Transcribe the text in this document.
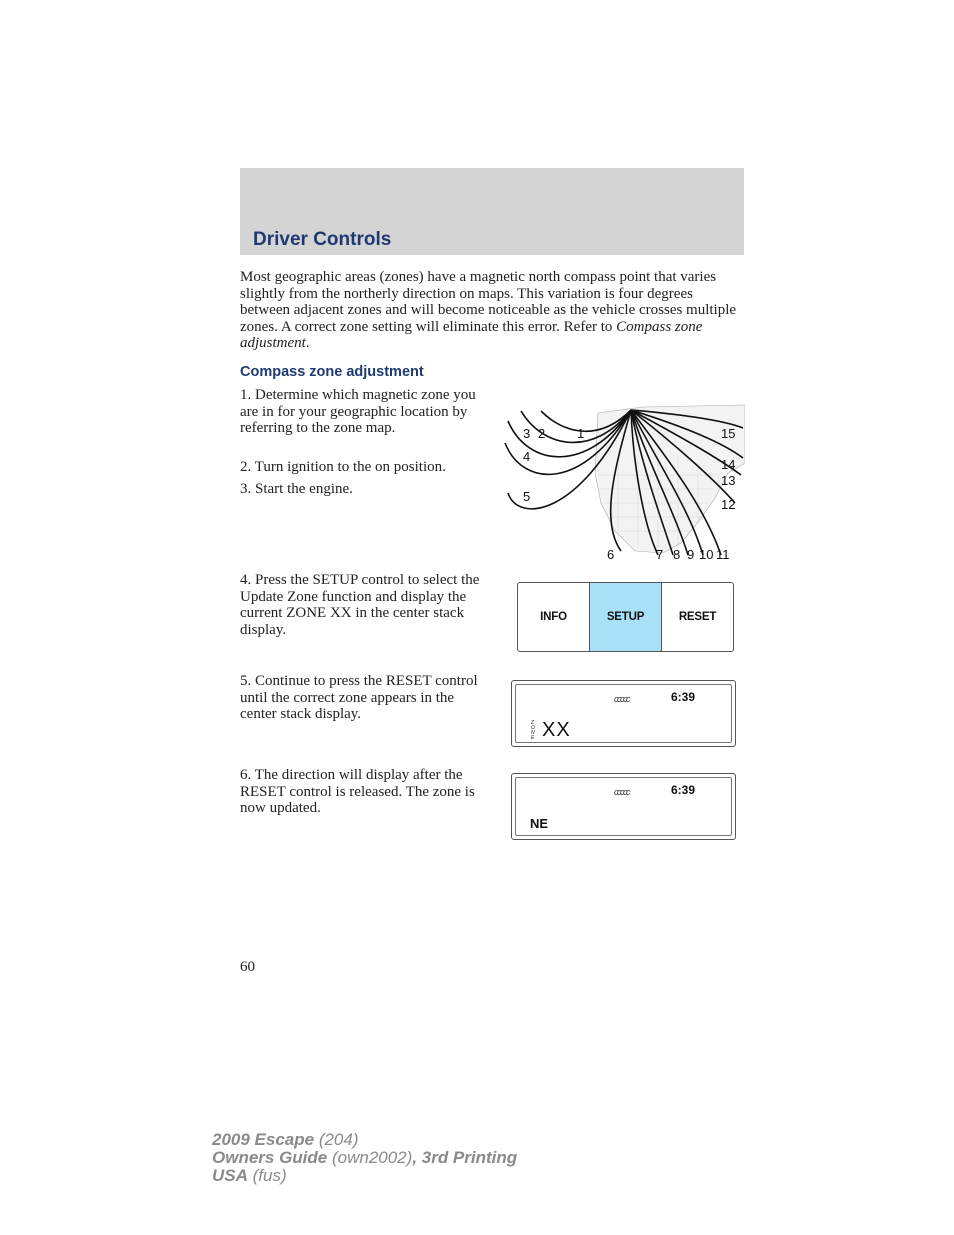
Driver Controls

Most geographic areas (zones) have a magnetic north compass point that varies slightly from the northerly direction on maps. This variation is four degrees between adjacent zones and will become noticeable as the vehicle crosses multiple zones. A correct zone setting will eliminate this error. Refer to Compass zone adjustment.

Compass zone adjustment

1. Determine which magnetic zone you are in for your geographic location by referring to the zone map.

2. Turn ignition to the on position.

3. Start the engine.

4. Press the SETUP control to select the Update Zone function and display the current ZONE XX in the center stack display.

5. Continue to press the RESET control until the correct zone appears in the center stack display.

6. The direction will display after the RESET control is released. The zone is now updated.

1
2
3
4
5
6	7 8 9 10 11
12
13
14
15
INFO	SETUP	RESET
ccccc	6:39
ZONE XX
ccccc	6:39
NE

60

2009 Escape (204)
Owners Guide (own2002), 3rd Printing
USA (fus)
